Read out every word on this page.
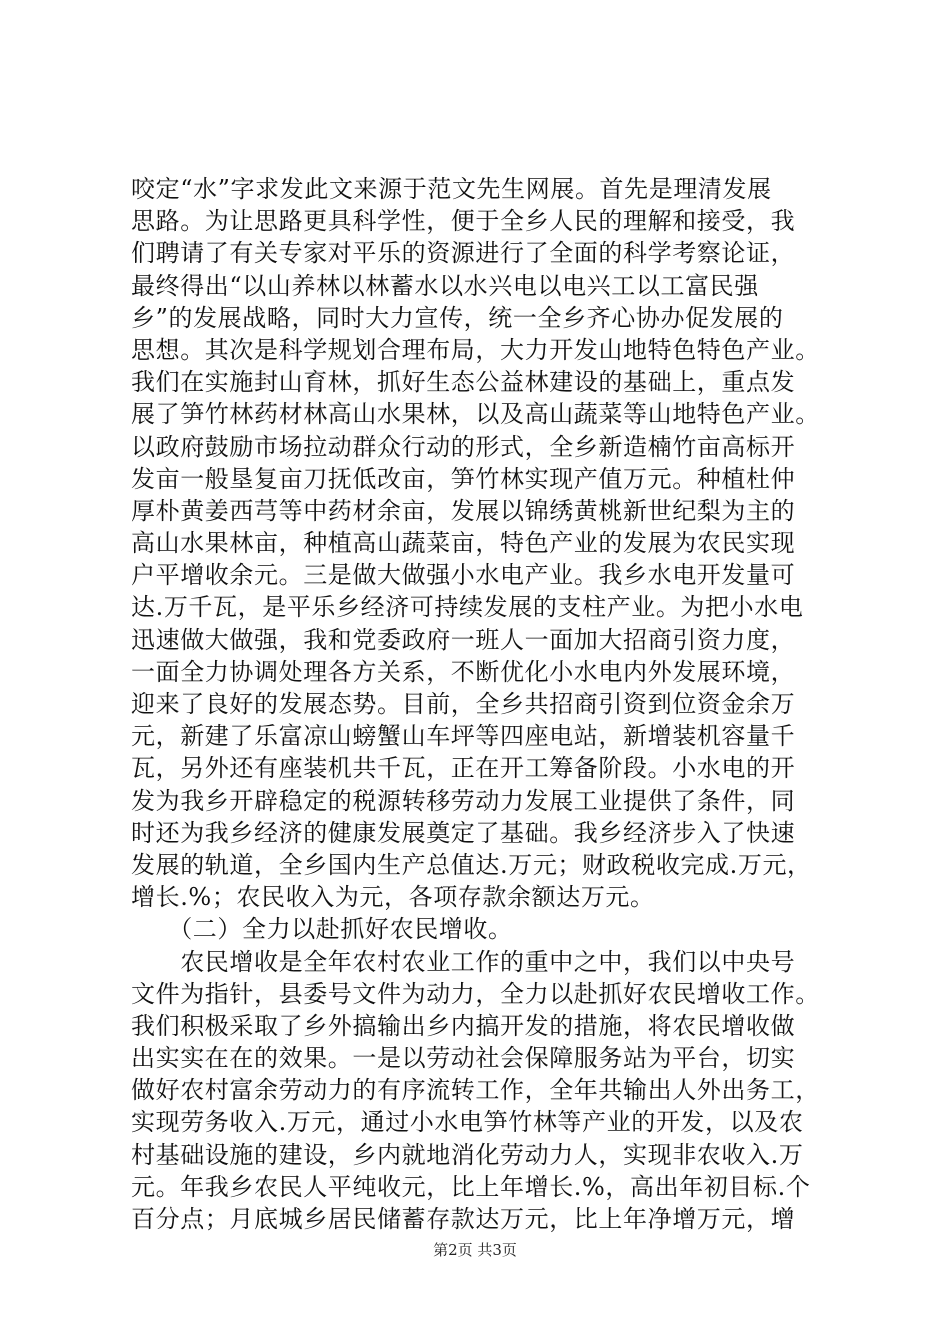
咬定“水”字求发此文来源于范文先生网展。首先是理清发展
思路。为让思路更具科学性，便于全乡人民的理解和接受，我
们聘请了有关专家对平乐的资源进行了全面的科学考察论证，
最终得出“以山养林以林蓄水以水兴电以电兴工以工富民强
乡”的发展战略，同时大力宣传，统一全乡齐心协办促发展的
思想。其次是科学规划合理布局，大力开发山地特色特色产业。
我们在实施封山育林，抓好生态公益林建设的基础上，重点发
展了笋竹林药材林高山水果林，以及高山蔬菜等山地特色产业。
以政府鼓励市场拉动群众行动的形式，全乡新造楠竹亩高标开
发亩一般垦复亩刀抚低改亩，笋竹林实现产值万元。种植杜仲
厚朴黄姜西芎等中药材余亩，发展以锦绣黄桃新世纪梨为主的
高山水果林亩，种植高山蔬菜亩，特色产业的发展为农民实现
户平增收余元。三是做大做强小水电产业。我乡水电开发量可
达.万千瓦，是平乐乡经济可持续发展的支柱产业。为把小水电
迅速做大做强，我和党委政府一班人一面加大招商引资力度，
一面全力协调处理各方关系，不断优化小水电内外发展环境，
迎来了良好的发展态势。目前，全乡共招商引资到位资金余万
元，新建了乐富凉山螃蟹山车坪等四座电站，新增装机容量千
瓦，另外还有座装机共千瓦，正在开工筹备阶段。小水电的开
发为我乡开辟稳定的税源转移劳动力发展工业提供了条件，同
时还为我乡经济的健康发展奠定了基础。我乡经济步入了快速
发展的轨道，全乡国内生产总值达.万元；财政税收完成.万元，
增长.%；农民收入为元，各项存款余额达万元。
　　（二）全力以赴抓好农民增收。
　　农民增收是全年农村农业工作的重中之中，我们以中央号
文件为指针，县委号文件为动力，全力以赴抓好农民增收工作。
我们积极采取了乡外搞输出乡内搞开发的措施，将农民增收做
出实实在在的效果。一是以劳动社会保障服务站为平台，切实
做好农村富余劳动力的有序流转工作，全年共输出人外出务工，
实现劳务收入.万元，通过小水电笋竹林等产业的开发，以及农
村基础设施的建设，乡内就地消化劳动力人，实现非农收入.万
元。年我乡农民人平纯收元，比上年增长.%，高出年初目标.个
百分点；月底城乡居民储蓄存款达万元，比上年净增万元，增
第2页 共3页
